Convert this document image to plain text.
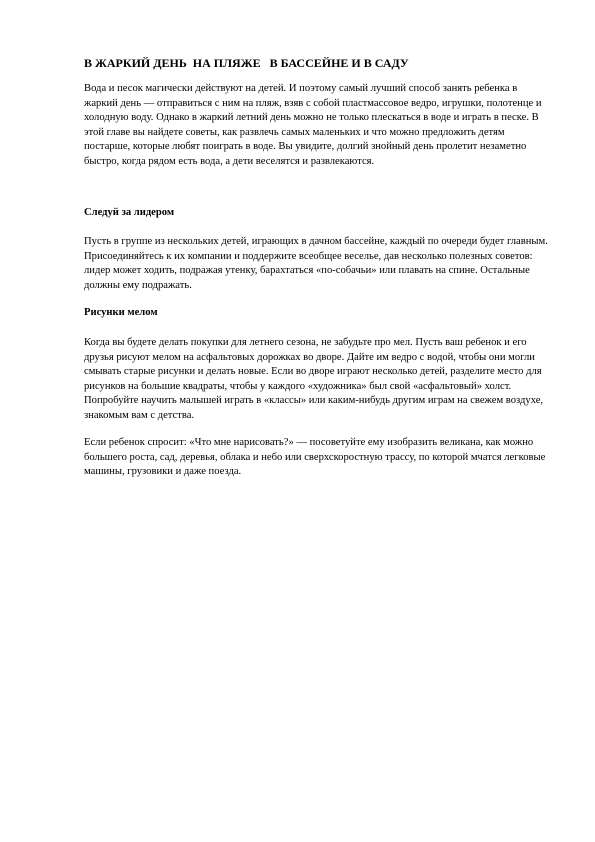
В ЖАРКИЙ ДЕНЬ  НА ПЛЯЖЕ   В БАССЕЙНЕ И В САДУ

Вода и песок магически действуют на детей. И поэтому самый лучший способ занять ребенка в жаркий день — отправиться с ним на пляж, взяв с собой пластмассовое ведро, игрушки, полотенце и холодную воду. Однако в жаркий летний день можно не только плескаться в воде и играть в песке. В этой главе вы найдете советы, как развлечь самых маленьких и что можно предложить детям постарше, которые любят поиграть в воде. Вы увидите, долгий знойный день пролетит незаметно быстро, когда рядом есть вода, а дети веселятся и развлекаются.

Следуй за лидером

Пусть в группе из нескольких детей, играющих в дачном бассейне, каждый по очереди будет главным. Присоединяйтесь к их компании и поддержите всеобщее веселье, дав несколько полезных советов: лидер может ходить, подражая утенку, барахтаться «по-собачьи» или плавать на спине. Остальные должны ему подражать.

Рисунки мелом

Когда вы будете делать покупки для летнего сезона, не забудьте про мел. Пусть ваш ребенок и его друзья рисуют мелом на асфальтовых дорожках во дворе. Дайте им ведро с водой, чтобы они могли смывать старые рисунки и делать новые. Если во дворе играют несколько детей, разделите место для рисунков на большие квадраты, чтобы у каждого «художника» был свой «асфальтовый» холст. Попробуйте научить малышей играть в «классы» или каким-нибудь другим играм на свежем воздухе, знакомым вам с детства.

Если ребенок спросит: «Что мне нарисовать?» — посоветуйте ему изобразить великана, как можно большего роста, сад, деревья, облака и небо или сверхскоростную трассу, по которой мчатся легковые машины, грузовики и даже поезда.
